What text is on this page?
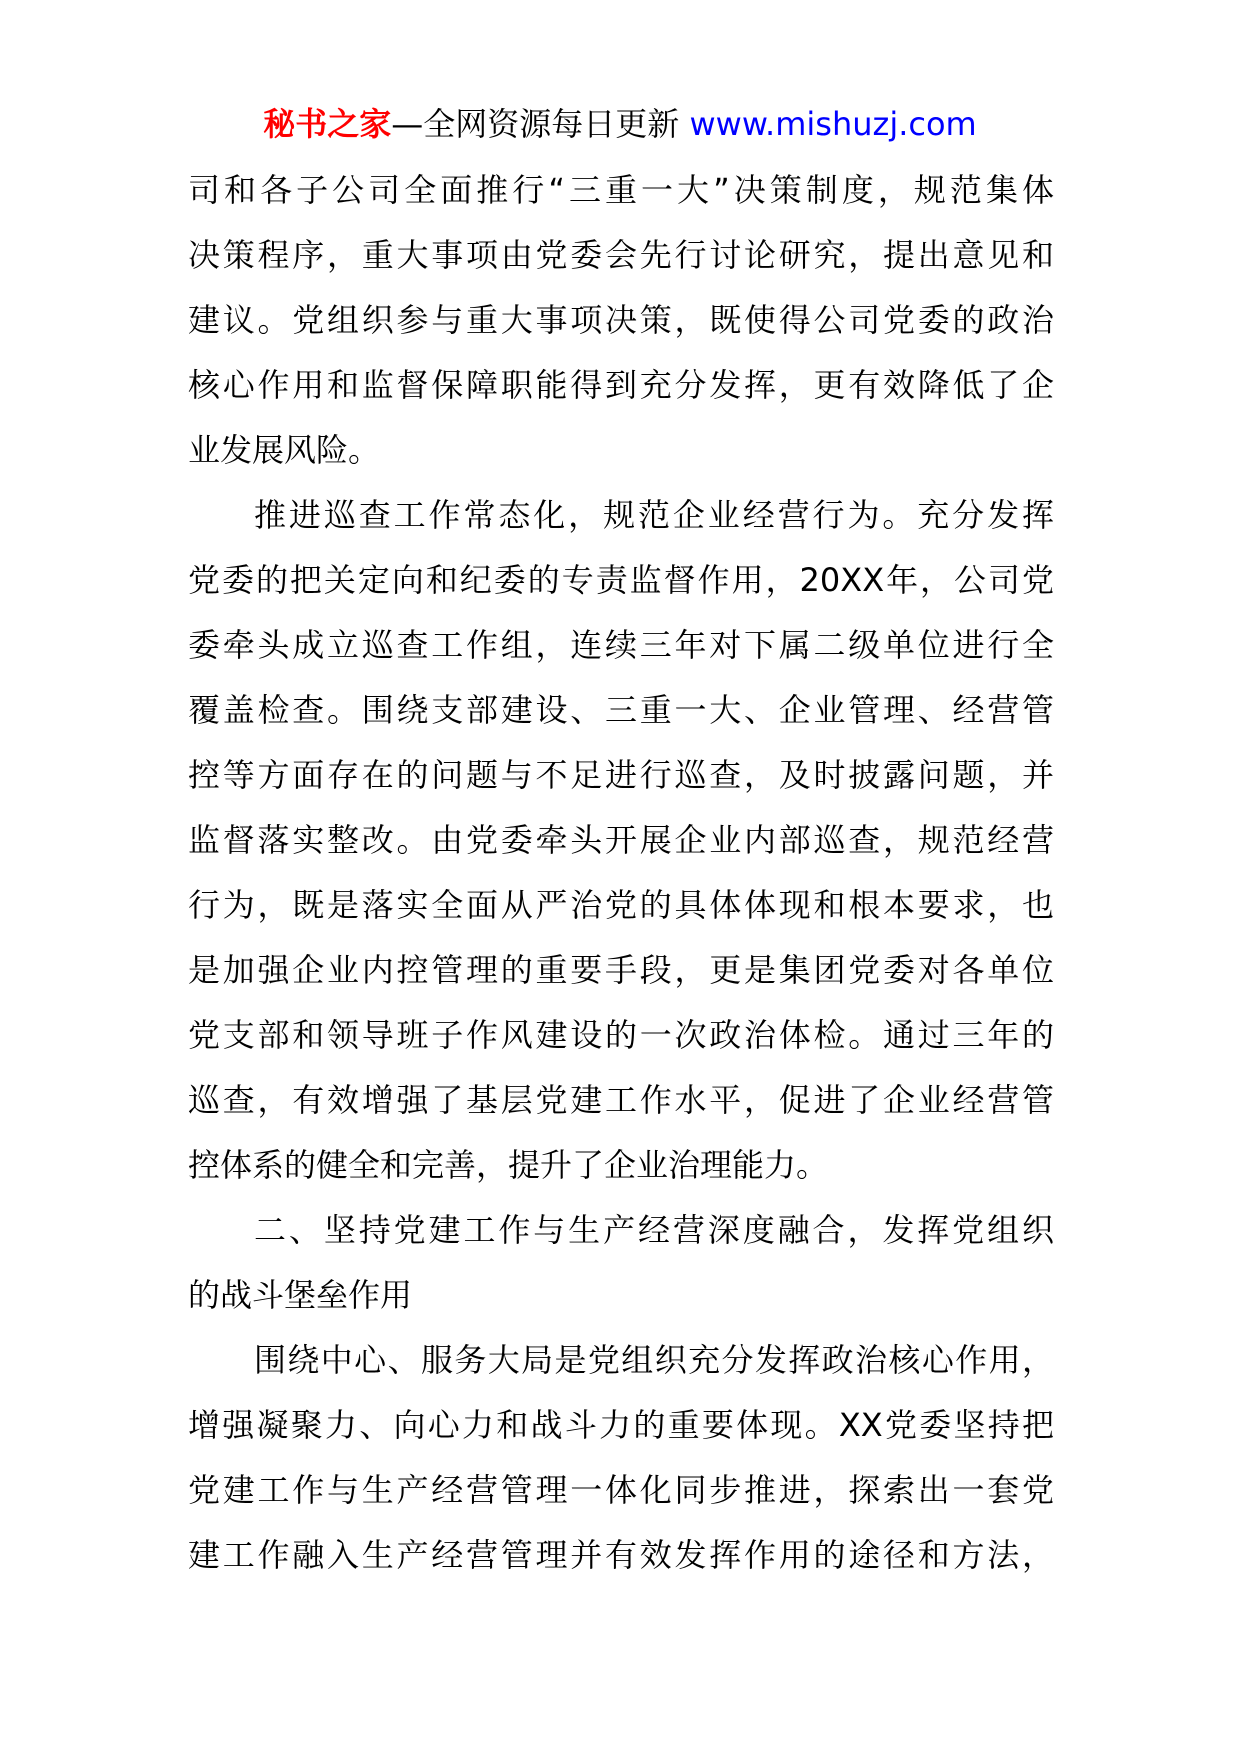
秘书之家—全网资源每日更新 www.mishuzj.com
司和各子公司全面推行“三重一大”决策制度，规范集体
决策程序，重大事项由党委会先行讨论研究，提出意见和
建议。党组织参与重大事项决策，既使得公司党委的政治
核心作用和监督保障职能得到充分发挥，更有效降低了企
业发展风险。
推进巡查工作常态化，规范企业经营行为。充分发挥
党委的把关定向和纪委的专责监督作用，20XX年，公司党
委牵头成立巡查工作组，连续三年对下属二级单位进行全
覆盖检查。围绕支部建设、三重一大、企业管理、经营管
控等方面存在的问题与不足进行巡查，及时披露问题，并
监督落实整改。由党委牵头开展企业内部巡查，规范经营
行为，既是落实全面从严治党的具体体现和根本要求，也
是加强企业内控管理的重要手段，更是集团党委对各单位
党支部和领导班子作风建设的一次政治体检。通过三年的
巡查，有效增强了基层党建工作水平，促进了企业经营管
控体系的健全和完善，提升了企业治理能力。
二、坚持党建工作与生产经营深度融合，发挥党组织
的战斗堡垒作用
围绕中心、服务大局是党组织充分发挥政治核心作用，
增强凝聚力、向心力和战斗力的重要体现。XX党委坚持把
党建工作与生产经营管理一体化同步推进，探索出一套党
建工作融入生产经营管理并有效发挥作用的途径和方法，
